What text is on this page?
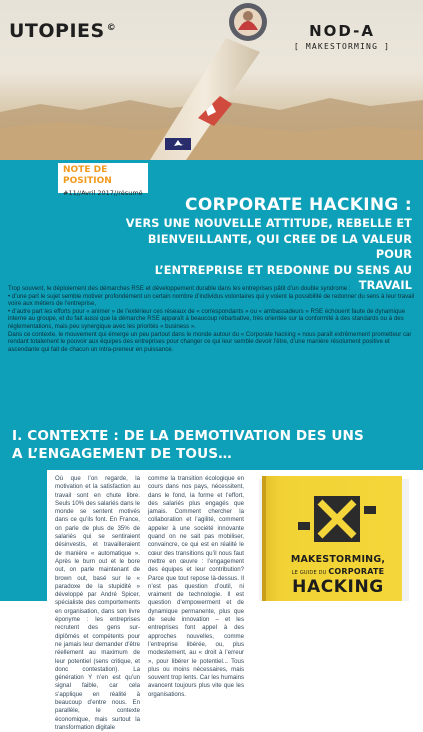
UTOPIES ©	NOD-A
[ MAKESTORMING ]
NOTE DE POSITION
#11//Avril 2017//résumé
CORPORATE HACKING :
VERS UNE NOUVELLE ATTITUDE, REBELLE ET
BIENVEILLANTE, QUI CREE DE LA VALEUR POUR
L’ENTREPRISE ET REDONNE DU SENS AU TRAVAIL

Trop souvent, le déploiement des démarches RSE et développement durable dans les entreprises pâtit d’un double syndrome :

• d’une part le sujet semble motiver profondément un certain nombre d’individus volontaires qui y voient la possibilité de redonner du sens à leur travail voire aux métiers de l’entreprise,

• d’autre part les efforts pour « animer » de l’extérieur ces réseaux de « correspondants » ou « ambassadeurs » RSE échouent faute de dynamique interne au groupe, et du fait aussi que la démarche RSE apparaît à beaucoup rébarbative, très orientée sur la conformité à des standards ou à des réglementations, mais peu synergique avec les priorités « business ».

Dans ce contexte, le mouvement qui émerge un peu partout dans le monde autour du « Corporate hacking » nous paraît extrêmement prometteur car rendant totalement le pouvoir aux équipes des entreprises pour changer ce qui leur semble devoir l’être, d’une manière résolument positive et ascendante qui fait de chacun un intra-preneur en puissance.

I. CONTEXTE : DE LA DEMOTIVATION DES UNS
A L’ENGAGEMENT DE TOUS…

Où que l’on regarde, la motivation et la satisfaction au travail sont en chute libre. Seuls 10% des salariés dans le monde se sentent motivés dans ce qu’ils font. En France, on parle de plus de 35% de salariés qui se sentiraient désinvestis, et travailleraient de manière « automatique ». Après le burn out et le bore out, on parle maintenant de brown out, basé sur le « paradoxe de la stupidité » développé par André Spicer, spécialiste des comportements en organisation, dans son livre éponyme : les entreprises recrutent des gens sur-diplômés et compétents pour ne jamais leur demander d’être réellement au maximum de leur potentiel (sens critique, et donc contestation). La génération Y n’en est qu’un signal faible, car cela s’applique en réalité à beaucoup d’entre nous. En parallèle, le contexte économique, mais surtout la transformation digitale

comme la transition écologique en cours dans nos pays, nécessitent, dans le fond, la forme et l’effort, des salariés plus engagés que jamais. Comment chercher la collaboration et l’agilité, comment appeler à une société innovante quand on ne sait pas mobiliser, convaincre, ce qui est en réalité le cœur des transitions qu’il nous faut mettre en œuvre : l’engagement des équipes et leur contribution? Parce que tout repose là-dessus. Il n’est pas question d’outil, ni vraiment de technologie. Il est question d’empowerment et de dynamique permanente, plus que de seule innovation – et les entreprises font appel à des approches nouvelles, comme l’entreprise libérée, ou, plus modestement, au « droit à l’erreur », pour libérer le potentiel... Tous plus ou moins nécessaires, mais souvent trop lents. Car les humains avancent toujours plus vite que les organisations.

MAKESTORMING,
LE GUIDE DU CORPORATE
HACKING
